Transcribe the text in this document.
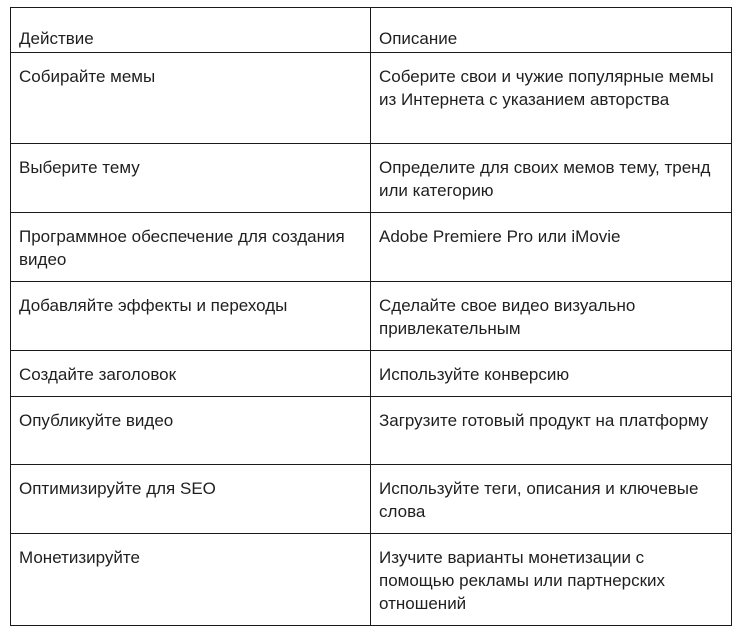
Действие	Описание
Собирайте мемы	Соберите свои и чужие популярные мемы из Интернета с указанием авторства
Выберите тему	Определите для своих мемов тему, тренд или категорию
Программное обеспечение для создания видео	Adobe Premiere Pro или iMovie
Добавляйте эффекты и переходы	Сделайте свое видео визуально привлекательным
Создайте заголовок	Используйте конверсию
Опубликуйте видео	Загрузите готовый продукт на платформу
Оптимизируйте для SEO	Используйте теги, описания и ключевые слова
Монетизируйте	Изучите варианты монетизации с помощью рекламы или партнерских отношений
